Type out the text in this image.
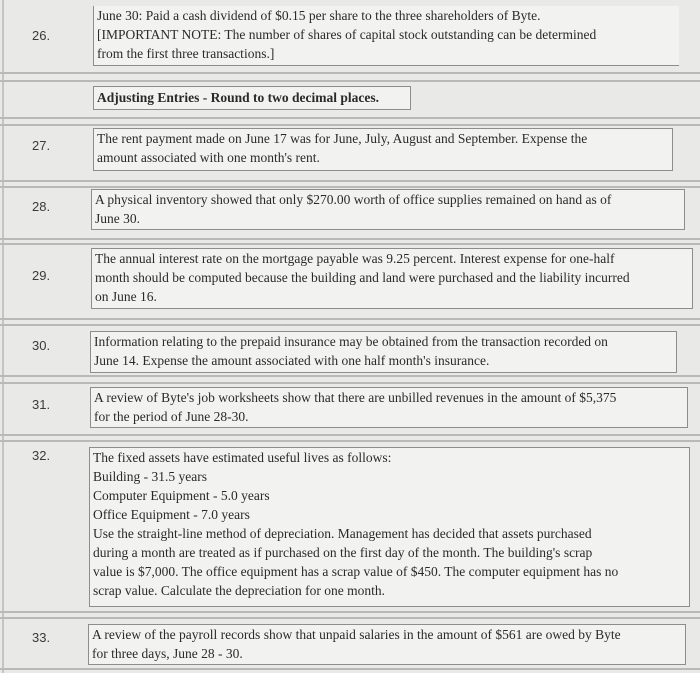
26.
June 30: Paid a cash dividend of $0.15 per share to the three shareholders of Byte.
[IMPORTANT NOTE: The number of shares of capital stock outstanding can be determined
from the first three transactions.]
Adjusting Entries - Round to two decimal places.
27.	The rent payment made on June 17 was for June, July, August and September. Expense the
amount associated with one month's rent.
28.	A physical inventory showed that only $270.00 worth of office supplies remained on hand as of
June 30.
29.
The annual interest rate on the mortgage payable was 9.25 percent. Interest expense for one-half
month should be computed because the building and land were purchased and the liability incurred
on June 16.
30.	Information relating to the prepaid insurance may be obtained from the transaction recorded on
June 14. Expense the amount associated with one half month's insurance.
31.	A review of Byte's job worksheets show that there are unbilled revenues in the amount of $5,375
for the period of June 28-30.
32.	The fixed assets have estimated useful lives as follows:
Building - 31.5 years
Computer Equipment - 5.0 years
Office Equipment - 7.0 years
Use the straight-line method of depreciation. Management has decided that assets purchased
during a month are treated as if purchased on the first day of the month. The building's scrap
value is $7,000. The office equipment has a scrap value of $450. The computer equipment has no
scrap value. Calculate the depreciation for one month.
33.	A review of the payroll records show that unpaid salaries in the amount of $561 are owed by Byte
for three days, June 28 - 30.
